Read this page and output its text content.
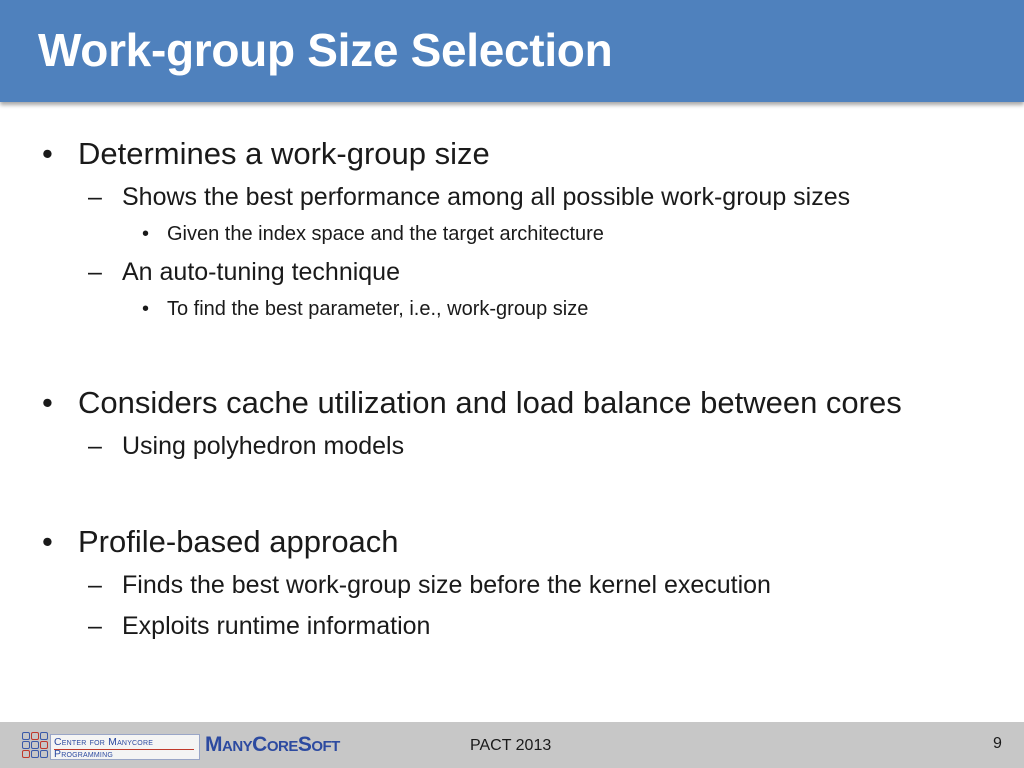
Work-group Size Selection
• Determines a work-group size
– Shows the best performance among all possible work-group sizes
• Given the index space and the target architecture
– An auto-tuning technique
• To find the best parameter, i.e., work-group size
• Considers cache utilization and load balance between cores
– Using polyhedron models
• Profile-based approach
– Finds the best work-group size before the kernel execution
– Exploits runtime information
Center for Manycore Programming	ManyCoreSoft	PACT 2013	9
